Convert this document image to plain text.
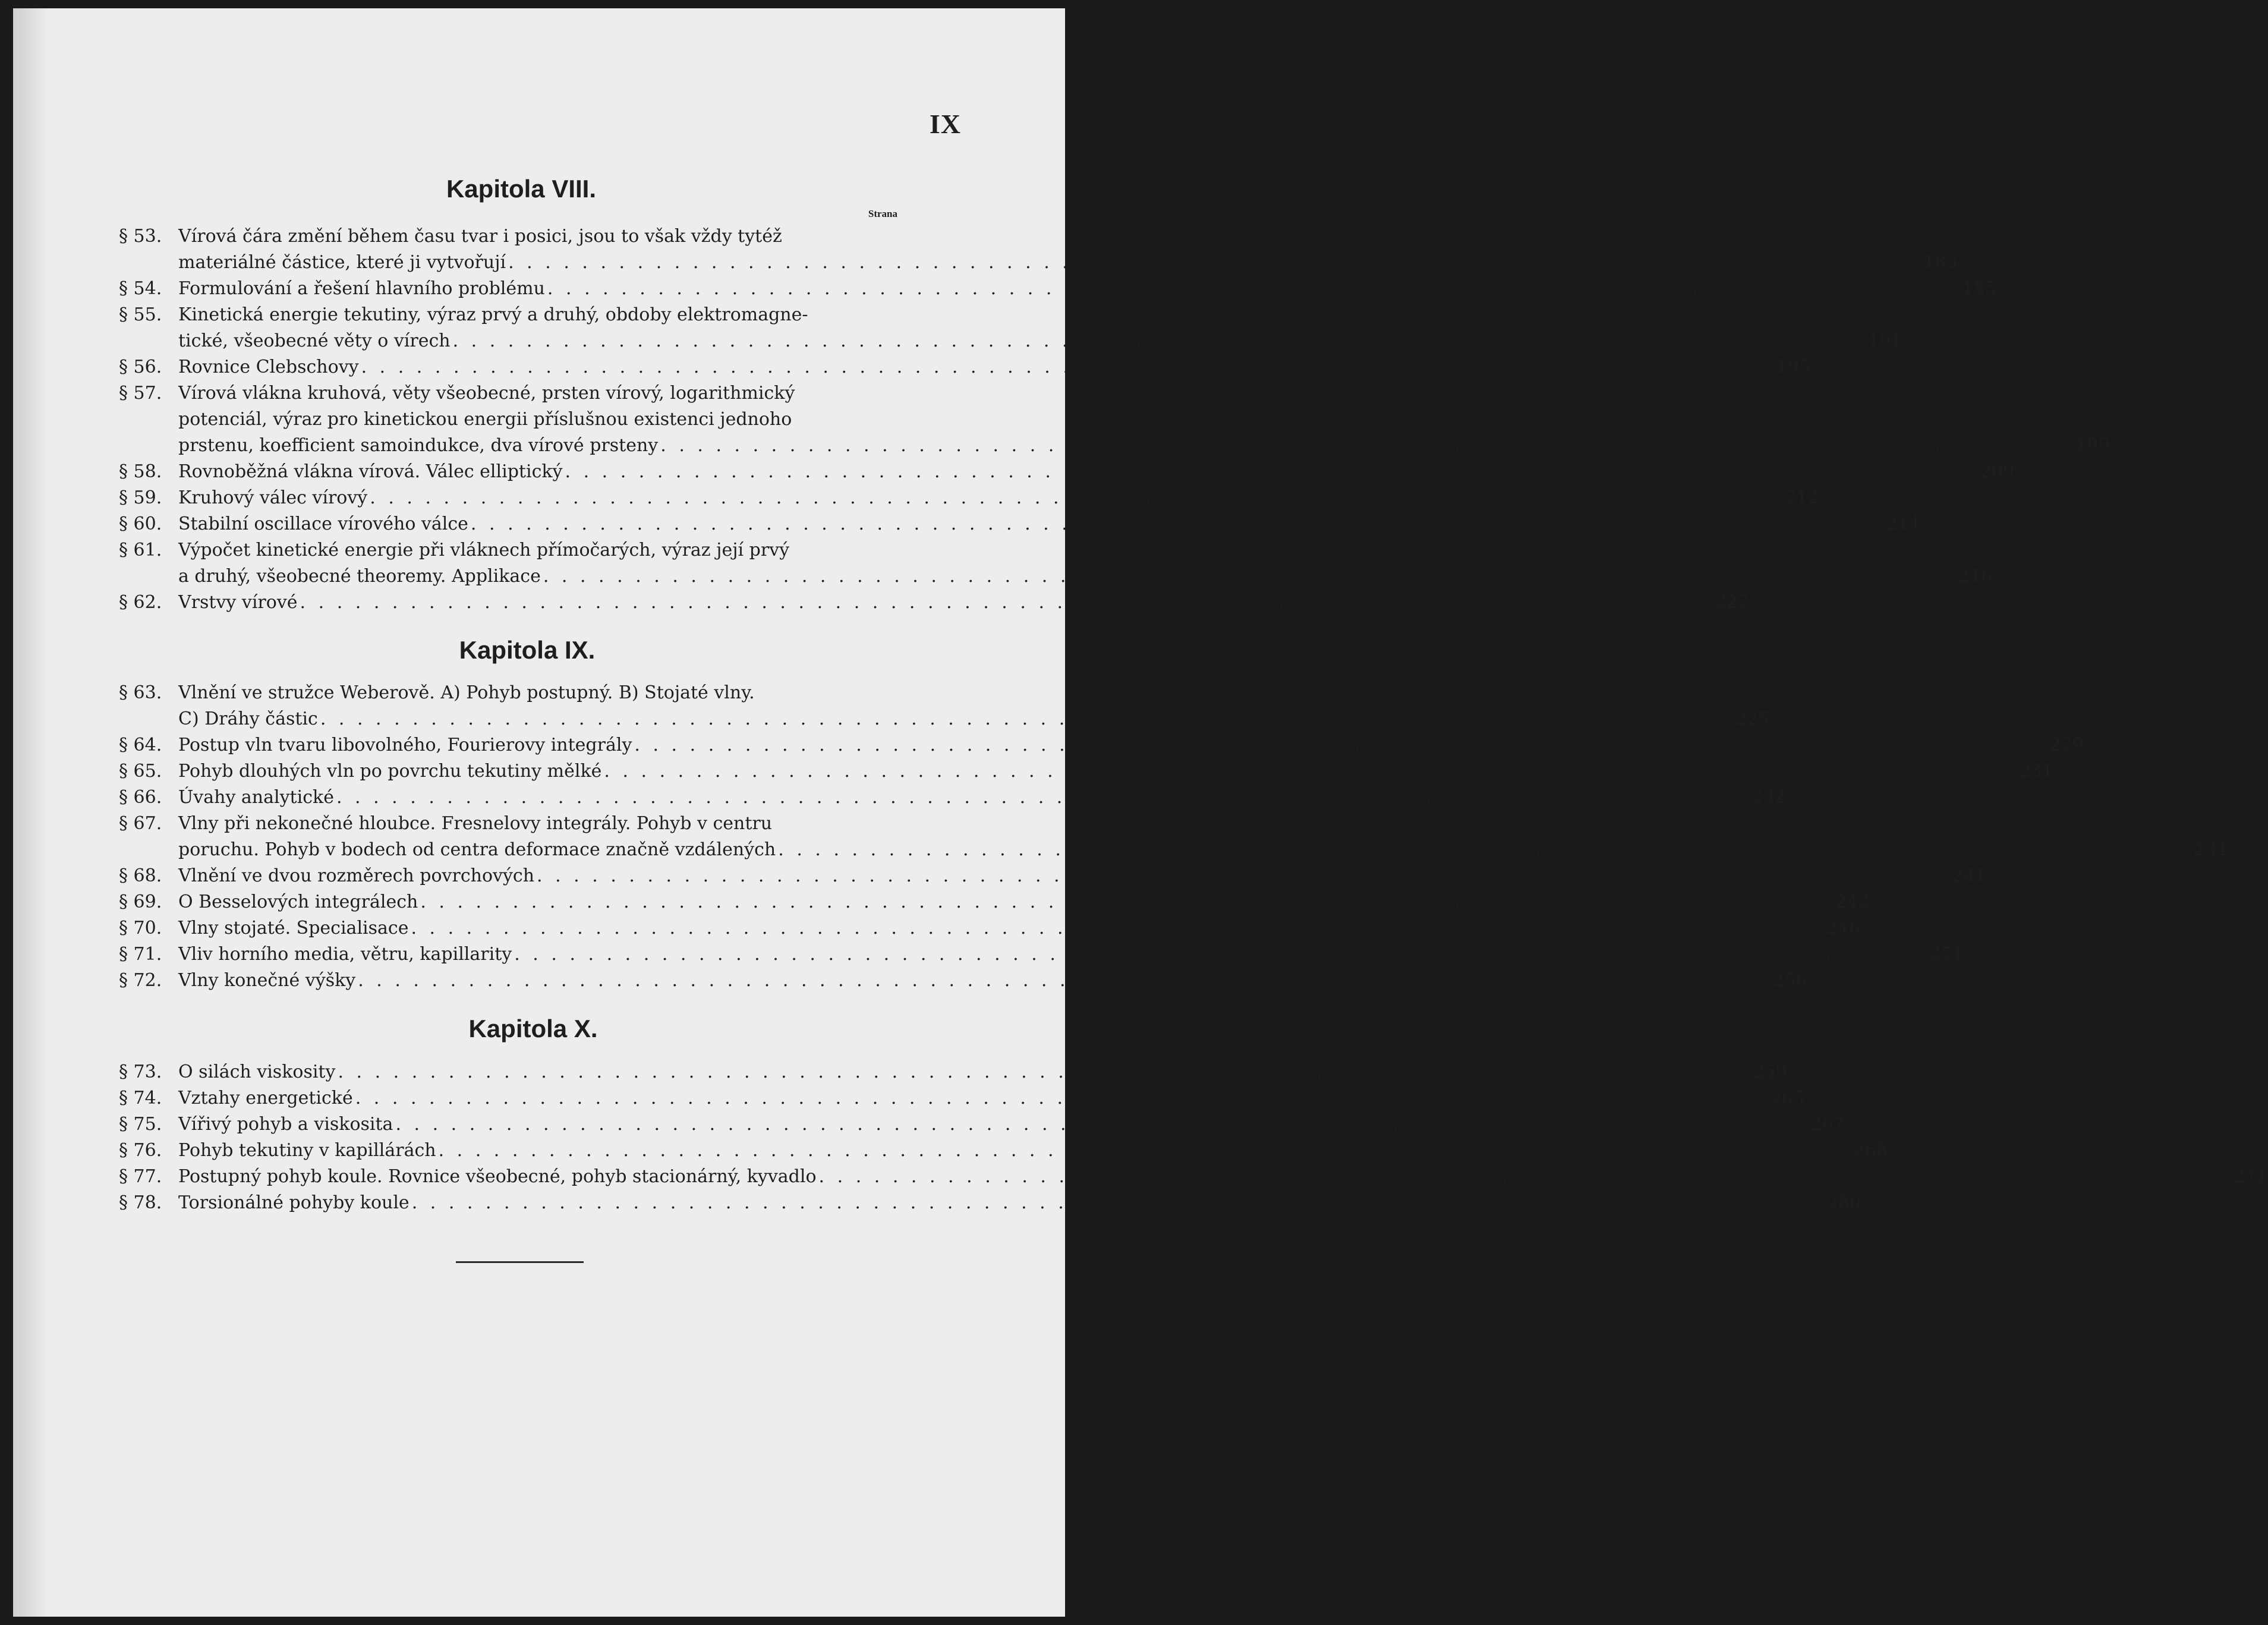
IX
Kapitola VIII.
Strana
§ 53. Vírová čára změní během času tvar i posici, jsou to však vždy tytéž
materiálné částice, které ji vytvořují . . .	183
§ 54. Formulování a řešení hlavního problému . . .	185
§ 55. Kinetická energie tekutiny, výraz prvý a druhý, obdoby elektromagne-
tické, všeobecné věty o vírech . . .	191
§ 56. Rovnice Clebschovy . . .	195
§ 57. Vírová vlákna kruhová, věty všeobecné, prsten vírový, logarithmický
potenciál, výraz pro kinetickou energii příslušnou existenci jednoho
prstenu, koefficient samoindukce, dva vírové prsteny . . .	199
§ 58. Rovnoběžná vlákna vírová. Válec elliptický . . .	209
§ 59. Kruhový válec vírový . . .	212
§ 60. Stabilní oscillace vírového válce . . .	214
§ 61. Výpočet kinetické energie při vláknech přímočarých, výraz její prvý
a druhý, všeobecné theoremy. Applikace . . .	216
§ 62. Vrstvy vírové . . .	222
Kapitola IX.
§ 63. Vlnění ve stružce Weberově. A) Pohyb postupný. B) Stojaté vlny.
C) Dráhy částic . . .	225
§ 64. Postup vln tvaru libovolného, Fourierovy integrály . . .	229
§ 65. Pohyb dlouhých vln po povrchu tekutiny mělké . . .	231
§ 66. Úvahy analytické . . .	232
§ 67. Vlny při nekonečné hloubce. Fresnelovy integrály. Pohyb v centru
poruchu. Pohyb v bodech od centra deformace značně vzdálených . . .	234
§ 68. Vlnění ve dvou rozměrech povrchových . . .	241
§ 69. O Besselových integrálech . . .	242
§ 70. Vlny stojaté. Specialisace . . .	246
§ 71. Vliv horního media, větru, kapillarity . . .	251
§ 72. Vlny konečné výšky . . .	256
Kapitola X.
§ 73. O silách viskosity . . .	259
§ 74. Vztahy energetické . . .	265
§ 75. Vířivý pohyb a viskosita . . .	267
§ 76. Pohyb tekutiny v kapillárách . . .	268
§ 77. Postupný pohyb koule. Rovnice všeobecné, pohyb stacionárný, kyvadlo . . .	271
§ 78. Torsionálné pohyby koule . . .	280
